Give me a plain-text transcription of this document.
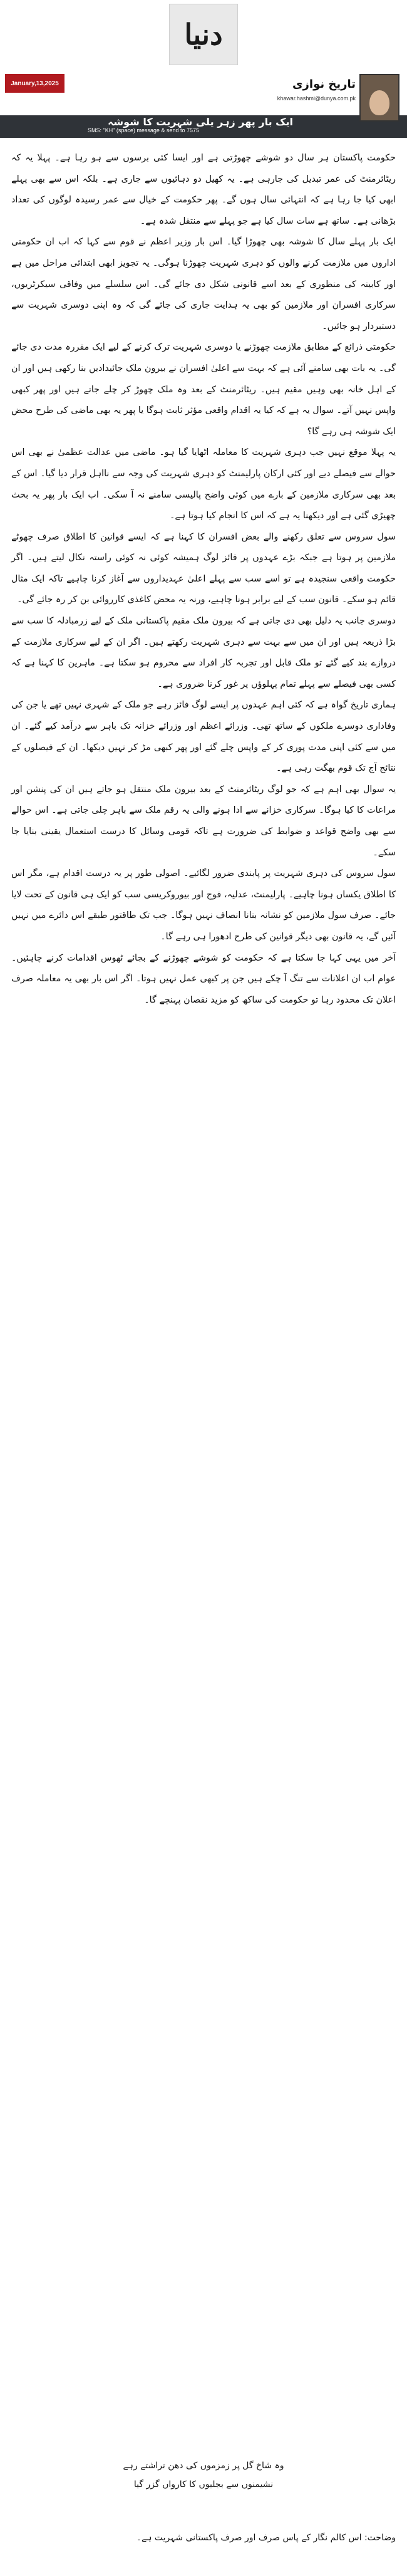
دنیا
January,13,2025	تاریخ نوازی
khawar.hashmi@dunya.com.pk
ایک بار پھر زہر یلی شہریت کا شوشہ
SMS: "KH" (space) message & send to 7575

حکومت پاکستان ہر سال دو شوشے چھوڑتی ہے اور ایسا کئی برسوں سے ہو رہا ہے۔ پہلا یہ کہ ریٹائرمنٹ کی عمر تبدیل کی جارہی ہے۔ یہ کھیل دو دہائیوں سے جاری ہے۔ بلکہ اس سے بھی پہلے ابھی کیا جا رہا ہے کہ انتہائی سال ہوں گے۔ پھر حکومت کے خیال سے عمر رسیدہ لوگوں کی تعداد بڑھانی ہے۔ ساتھ ہے سات سال کیا ہے جو پہلے سے منتقل شدہ ہے۔

ایک بار پہلے سال کا شوشہ بھی چھوڑا گیا۔ اس بار وزیر اعظم نے قوم سے کہا کہ اب ان حکومتی اداروں میں ملازمت کرنے والوں کو دہری شہریت چھوڑنا ہوگی۔ یہ تجویز ابھی ابتدائی مراحل میں ہے اور کابینہ کی منظوری کے بعد اسے قانونی شکل دی جائے گی۔ اس سلسلے میں وفاقی سیکرٹریوں، سرکاری افسران اور ملازمین کو بھی یہ ہدایت جاری کی جائے گی کہ وہ اپنی دوسری شہریت سے دستبردار ہو جائیں۔

حکومتی ذرائع کے مطابق ملازمت چھوڑنے یا دوسری شہریت ترک کرنے کے لیے ایک مقررہ مدت دی جائے گی۔ یہ بات بھی سامنے آئی ہے کہ بہت سے اعلیٰ افسران نے بیرون ملک جائیدادیں بنا رکھی ہیں اور ان کے اہل خانہ بھی وہیں مقیم ہیں۔ ریٹائرمنٹ کے بعد وہ ملک چھوڑ کر چلے جاتے ہیں اور پھر کبھی واپس نہیں آتے۔ سوال یہ ہے کہ کیا یہ اقدام واقعی مؤثر ثابت ہوگا یا پھر یہ بھی ماضی کی طرح محض ایک شوشہ ہی رہے گا؟

یہ پہلا موقع نہیں جب دہری شہریت کا معاملہ اٹھایا گیا ہو۔ ماضی میں عدالت عظمیٰ نے بھی اس حوالے سے فیصلے دیے اور کئی ارکان پارلیمنٹ کو دہری شہریت کی وجہ سے نااہل قرار دیا گیا۔ اس کے بعد بھی سرکاری ملازمین کے بارے میں کوئی واضح پالیسی سامنے نہ آ سکی۔ اب ایک بار پھر یہ بحث چھیڑی گئی ہے اور دیکھنا یہ ہے کہ اس کا انجام کیا ہوتا ہے۔

سول سروس سے تعلق رکھنے والے بعض افسران کا کہنا ہے کہ ایسے قوانین کا اطلاق صرف چھوٹے ملازمین پر ہوتا ہے جبکہ بڑے عہدوں پر فائز لوگ ہمیشہ کوئی نہ کوئی راستہ نکال لیتے ہیں۔ اگر حکومت واقعی سنجیدہ ہے تو اسے سب سے پہلے اعلیٰ عہدیداروں سے آغاز کرنا چاہیے تاکہ ایک مثال قائم ہو سکے۔ قانون سب کے لیے برابر ہونا چاہیے، ورنہ یہ محض کاغذی کارروائی بن کر رہ جائے گی۔

دوسری جانب یہ دلیل بھی دی جاتی ہے کہ بیرون ملک مقیم پاکستانی ملک کے لیے زرمبادلہ کا سب سے بڑا ذریعہ ہیں اور ان میں سے بہت سے دہری شہریت رکھتے ہیں۔ اگر ان کے لیے سرکاری ملازمت کے دروازے بند کیے گئے تو ملک قابل اور تجربہ کار افراد سے محروم ہو سکتا ہے۔ ماہرین کا کہنا ہے کہ کسی بھی فیصلے سے پہلے تمام پہلوؤں پر غور کرنا ضروری ہے۔

ہماری تاریخ گواہ ہے کہ کئی اہم عہدوں پر ایسے لوگ فائز رہے جو ملک کے شہری نہیں تھے یا جن کی وفاداری دوسرے ملکوں کے ساتھ تھی۔ وزرائے اعظم اور وزرائے خزانہ تک باہر سے درآمد کیے گئے۔ ان میں سے کئی اپنی مدت پوری کر کے واپس چلے گئے اور پھر کبھی مڑ کر نہیں دیکھا۔ ان کے فیصلوں کے نتائج آج تک قوم بھگت رہی ہے۔

یہ سوال بھی اہم ہے کہ جو لوگ ریٹائرمنٹ کے بعد بیرون ملک منتقل ہو جاتے ہیں ان کی پنشن اور مراعات کا کیا ہوگا۔ سرکاری خزانے سے ادا ہونے والی یہ رقم ملک سے باہر چلی جاتی ہے۔ اس حوالے سے بھی واضح قواعد و ضوابط کی ضرورت ہے تاکہ قومی وسائل کا درست استعمال یقینی بنایا جا سکے۔

سول سروس کی دہری شہریت پر پابندی ضرور لگائیے۔ اصولی طور پر یہ درست اقدام ہے، مگر اس کا اطلاق یکساں ہونا چاہیے۔ پارلیمنٹ، عدلیہ، فوج اور بیوروکریسی سب کو ایک ہی قانون کے تحت لایا جائے۔ صرف سول ملازمین کو نشانہ بنانا انصاف نہیں ہوگا۔ جب تک طاقتور طبقے اس دائرے میں نہیں آئیں گے، یہ قانون بھی دیگر قوانین کی طرح ادھورا ہی رہے گا۔

آخر میں یہی کہا جا سکتا ہے کہ حکومت کو شوشے چھوڑنے کے بجائے ٹھوس اقدامات کرنے چاہئیں۔ عوام اب ان اعلانات سے تنگ آ چکے ہیں جن پر کبھی عمل نہیں ہوتا۔ اگر اس بار بھی یہ معاملہ صرف اعلان تک محدود رہا تو حکومت کی ساکھ کو مزید نقصان پہنچے گا۔

وہ شاخ گل پر زمزموں کی دھن تراشتے رہے
نشیمنوں سے بجلیوں کا کارواں گزر گیا
وضاحت: اس کالم نگار کے پاس صرف اور صرف پاکستانی شہریت ہے۔
